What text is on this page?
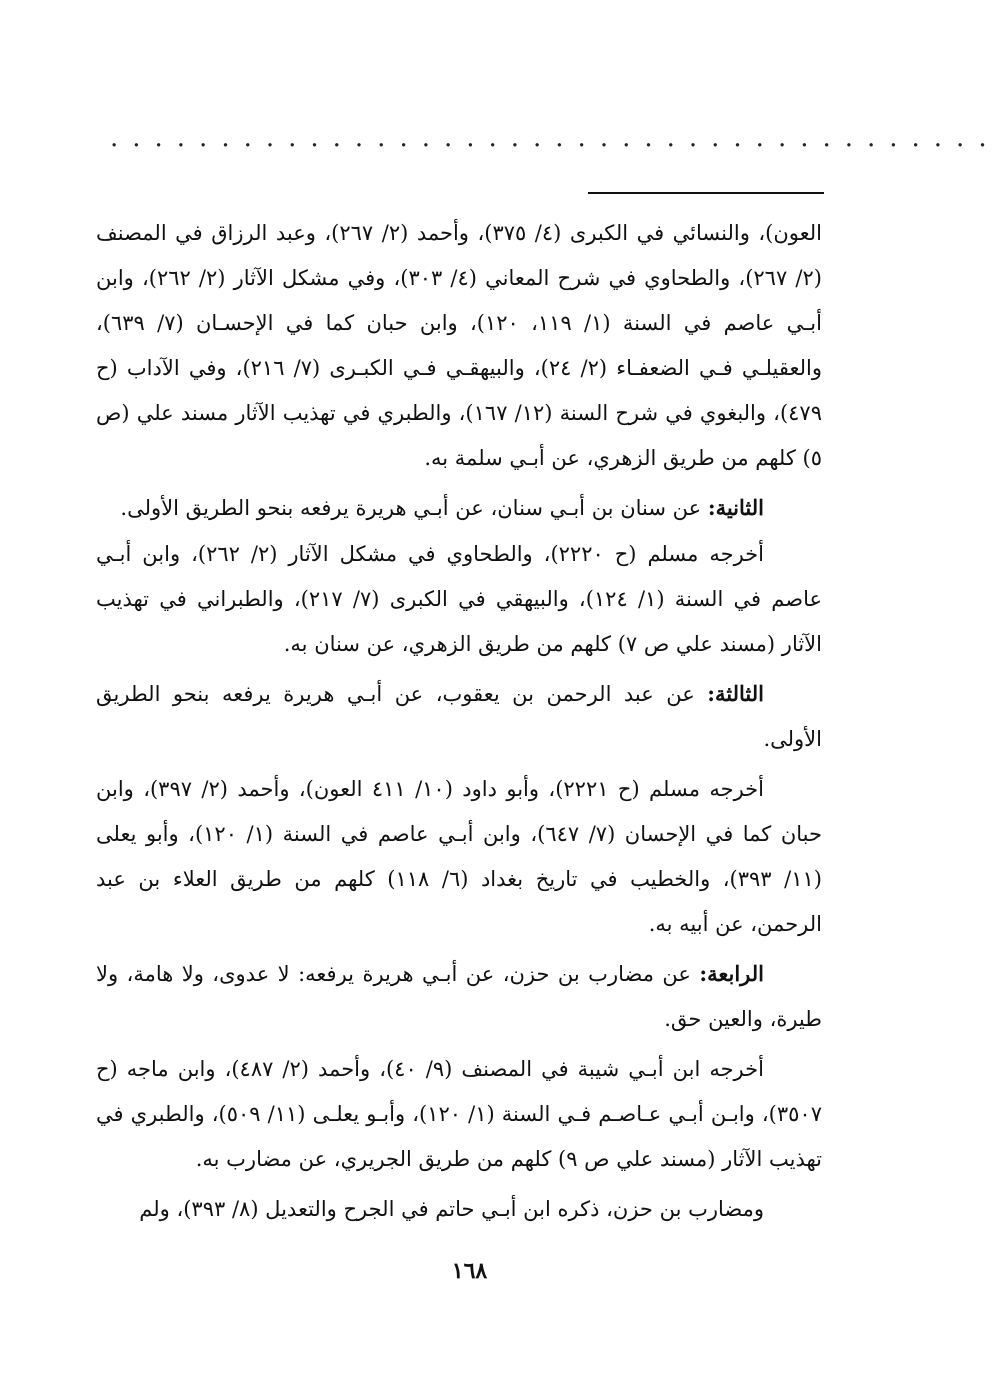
........................................

العون)، والنسائي في الكبرى (٤/ ٣٧٥)، وأحمد (٢/ ٢٦٧)، وعبد الرزاق في المصنف (٢/ ٢٦٧)، والطحاوي في شرح المعاني (٤/ ٣٠٣)، وفي مشكل الآثار (٢/ ٢٦٢)، وابن أبـي عاصم في السنة (١/ ١١٩، ١٢٠)، وابن حبان كما في الإحسـان (٧/ ٦٣٩)، والعقيلـي فـي الضعفـاء (٢/ ٢٤)، والبيهقـي فـي الكبـرى (٧/ ٢١٦)، وفي الآداب (ح ٤٧٩)، والبغوي في شرح السنة (١٢/ ١٦٧)، والطبري في تهذيب الآثار مسند علي (ص ٥) كلهم من طريق الزهري، عن أبـي سلمة به.

الثانية: عن سنان بن أبـي سنان، عن أبـي هريرة يرفعه بنحو الطريق الأولى.

أخرجه مسلم (ح ٢٢٢٠)، والطحاوي في مشكل الآثار (٢/ ٢٦٢)، وابن أبـي عاصم في السنة (١/ ١٢٤)، والبيهقي في الكبرى (٧/ ٢١٧)، والطبراني في تهذيب الآثار (مسند علي ص ٧) كلهم من طريق الزهري، عن سنان به.

الثالثة: عن عبد الرحمن بن يعقوب، عن أبـي هريرة يرفعه بنحو الطريق الأولى.

أخرجه مسلم (ح ٢٢٢١)، وأبو داود (١٠/ ٤١١ العون)، وأحمد (٢/ ٣٩٧)، وابن حبان كما في الإحسان (٧/ ٦٤٧)، وابن أبـي عاصم في السنة (١/ ١٢٠)، وأبو يعلى (١١/ ٣٩٣)، والخطيب في تاريخ بغداد (٦/ ١١٨) كلهم من طريق العلاء بن عبد الرحمن، عن أبيه به.

الرابعة: عن مضارب بن حزن، عن أبـي هريرة يرفعه: لا عدوى، ولا هامة، ولا طيرة، والعين حق.

أخرجه ابن أبـي شيبة في المصنف (٩/ ٤٠)، وأحمد (٢/ ٤٨٧)، وابن ماجه (ح ٣٥٠٧)، وابـن أبـي عـاصـم فـي السنة (١/ ١٢٠)، وأبـو يعلـى (١١/ ٥٠٩)، والطبري في تهذيب الآثار (مسند علي ص ٩) كلهم من طريق الجريري، عن مضارب به.

ومضارب بن حزن، ذكره ابن أبـي حاتم في الجرح والتعديل (٨/ ٣٩٣)، ولم

١٦٨
